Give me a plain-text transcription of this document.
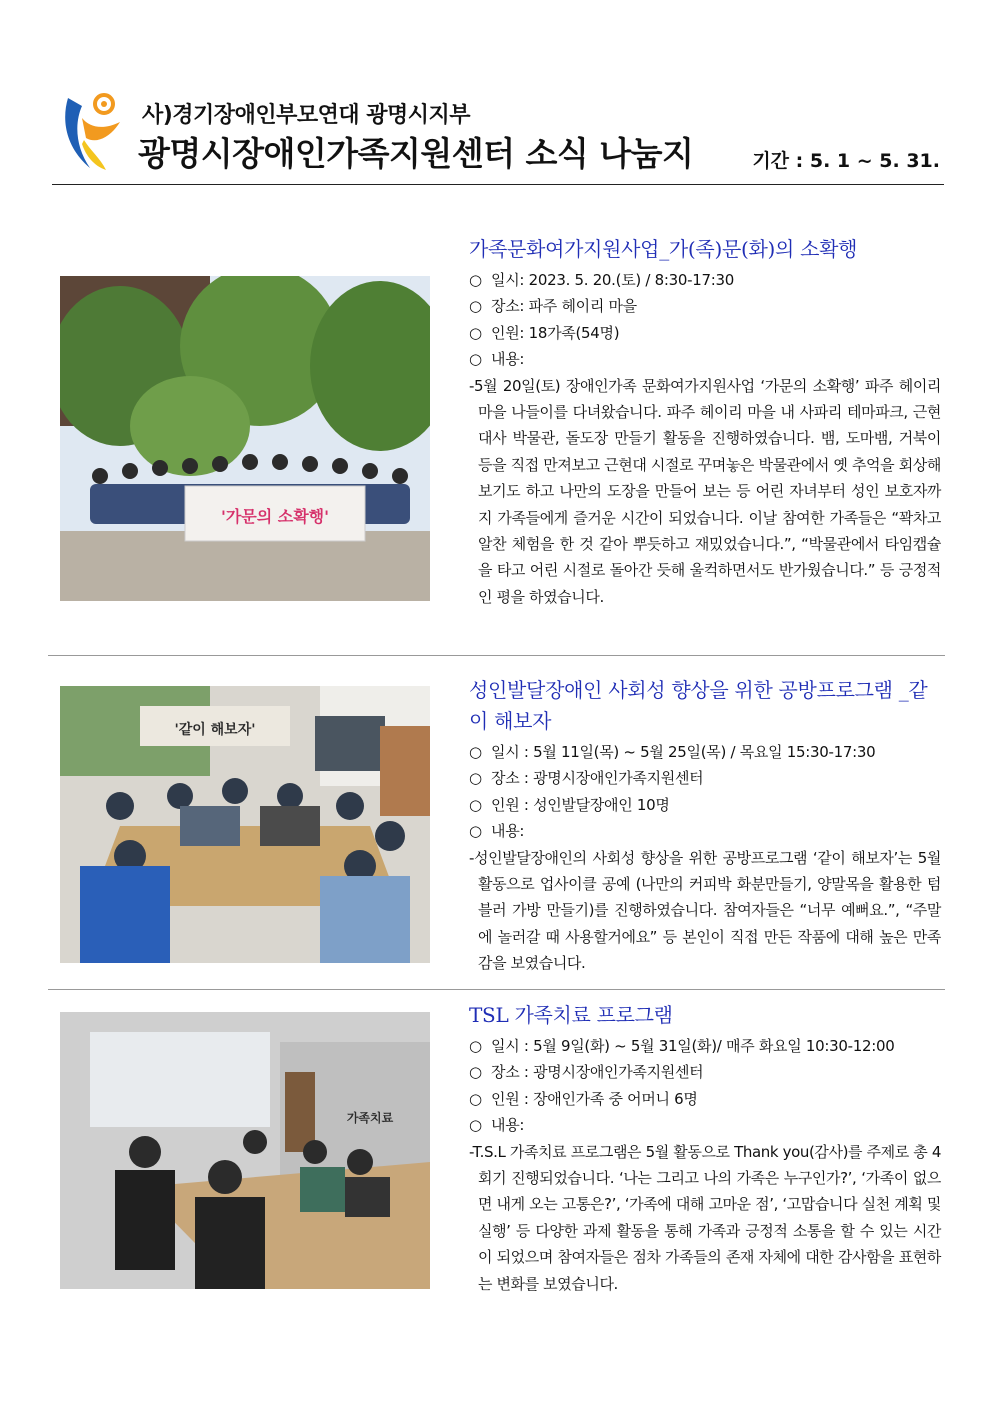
사)경기장애인부모연대 광명시지부
광명시장애인가족지원센터 소식 나눔지	기간 : 5. 1 ~ 5. 31.
'가문의 소확행'
가족문화여가지원사업_가(족)문(화)의 소확행
○ 일시: 2023. 5. 20.(토) / 8:30-17:30
○ 장소: 파주 헤이리 마을
○ 인원: 18가족(54명)
○ 내용:

-5월 20일(토) 장애인가족 문화여가지원사업 ‘가문의 소확행’ 파주 헤이리 마을 나들이를 다녀왔습니다. 파주 헤이리 마을 내 사파리 테마파크, 근현대사 박물관, 돌도장 만들기 활동을 진행하였습니다. 뱀, 도마뱀, 거북이 등을 직접 만져보고 근현대 시절로 꾸며놓은 박물관에서 옛 추억을 회상해보기도 하고 나만의 도장을 만들어 보는 등 어린 자녀부터 성인 보호자까지 가족들에게 즐거운 시간이 되었습니다. 이날 참여한 가족들은 “꽉차고 알찬 체험을 한 것 같아 뿌듯하고 재밌었습니다.”, “박물관에서 타임캡슐을 타고 어린 시절로 돌아간 듯해 울컥하면서도 반가웠습니다.” 등 긍정적인 평을 하였습니다.

'같이 해보자'
성인발달장애인 사회성 향상을 위한 공방프로그램 _같이 해보자
○ 일시 : 5월 11일(목) ~ 5월 25일(목) / 목요일 15:30-17:30
○ 장소 : 광명시장애인가족지원센터
○ 인원 : 성인발달장애인 10명
○ 내용:

-성인발달장애인의 사회성 향상을 위한 공방프로그램 ‘같이 해보자’는 5월 활동으로 업사이클 공예 (나만의 커피박 화분만들기, 양말목을 활용한 텀블러 가방 만들기)를 진행하였습니다. 참여자들은 “너무 예뻐요.”, “주말에 놀러갈 때 사용할거에요” 등 본인이 직접 만든 작품에 대해 높은 만족감을 보였습니다.

가족치료
TSL 가족치료 프로그램
○ 일시 : 5월 9일(화) ~ 5월 31일(화)/ 매주 화요일 10:30-12:00
○ 장소 : 광명시장애인가족지원센터
○ 인원 : 장애인가족 중 어머니 6명
○ 내용:

-T.S.L 가족치료 프로그램은 5월 활동으로 Thank you(감사)를 주제로 총 4회기 진행되었습니다. ‘나는 그리고 나의 가족은 누구인가?’, ‘가족이 없으면 내게 오는 고통은?’, ‘가족에 대해 고마운 점’, ‘고맙습니다 실천 계획 및 실행’ 등 다양한 과제 활동을 통해 가족과 긍정적 소통을 할 수 있는 시간이 되었으며 참여자들은 점차 가족들의 존재 자체에 대한 감사함을 표현하는 변화를 보였습니다.
